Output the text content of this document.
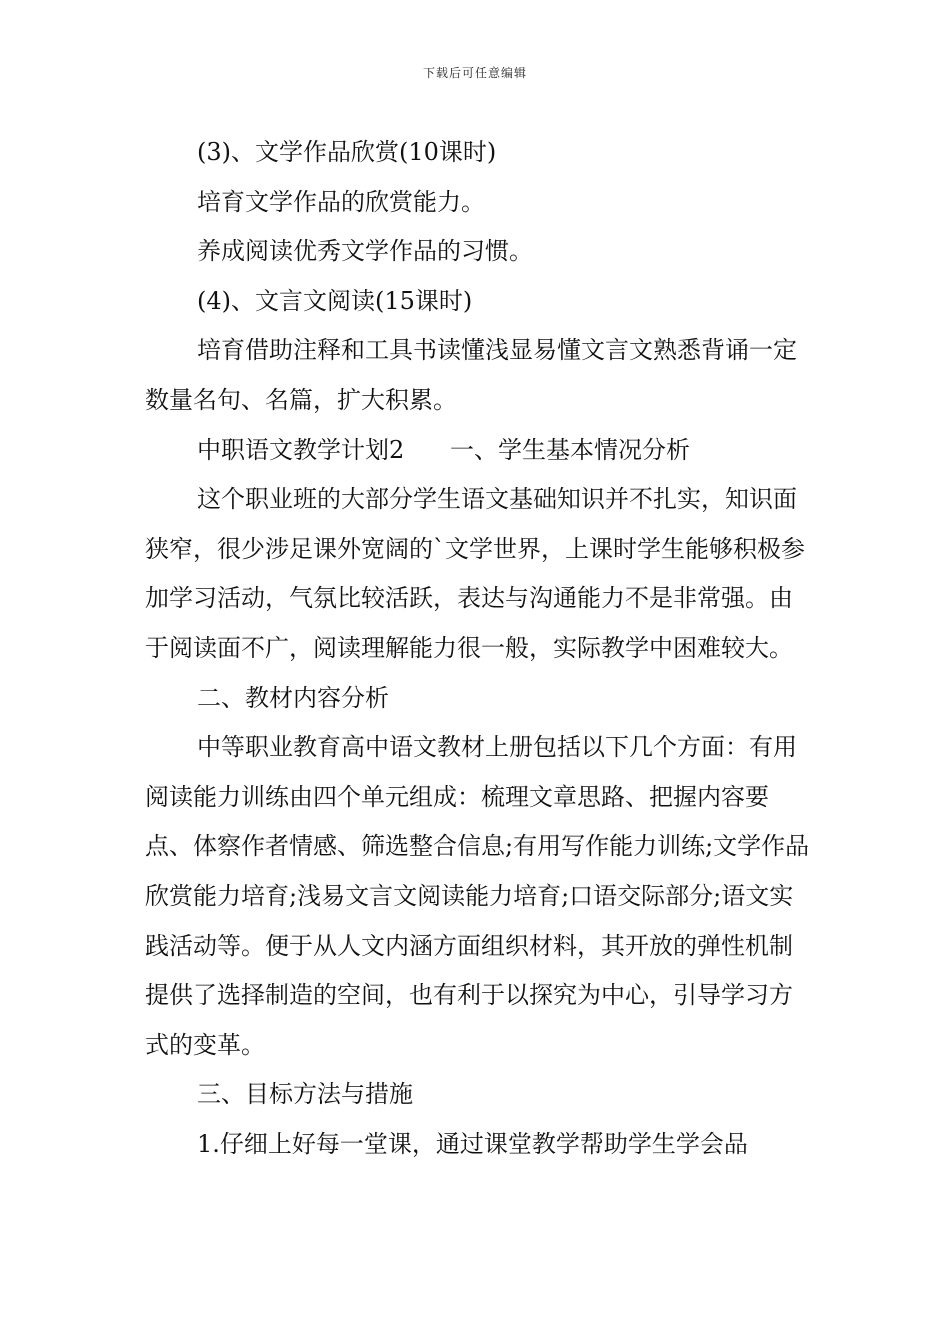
下载后可任意编辑

(3)、文学作品欣赏(10课时)

培育文学作品的欣赏能力。

养成阅读优秀文学作品的习惯。

(4)、文言文阅读(15课时)

培育借助注释和工具书读懂浅显易懂文言文熟悉背诵一定数量名句、名篇，扩大积累。

中职语文教学计划2      一、学生基本情况分析

这个职业班的大部分学生语文基础知识并不扎实，知识面狭窄，很少涉足课外宽阔的`文学世界，上课时学生能够积极参加学习活动，气氛比较活跃，表达与沟通能力不是非常强。由于阅读面不广，阅读理解能力很一般，实际教学中困难较大。

二、教材内容分析

中等职业教育高中语文教材上册包括以下几个方面：有用阅读能力训练由四个单元组成：梳理文章思路、把握内容要点、体察作者情感、筛选整合信息;有用写作能力训练;文学作品欣赏能力培育;浅易文言文阅读能力培育;口语交际部分;语文实践活动等。便于从人文内涵方面组织材料，其开放的弹性机制提供了选择制造的空间，也有利于以探究为中心，引导学习方式的变革。

三、目标方法与措施

1.仔细上好每一堂课，通过课堂教学帮助学生学会品
